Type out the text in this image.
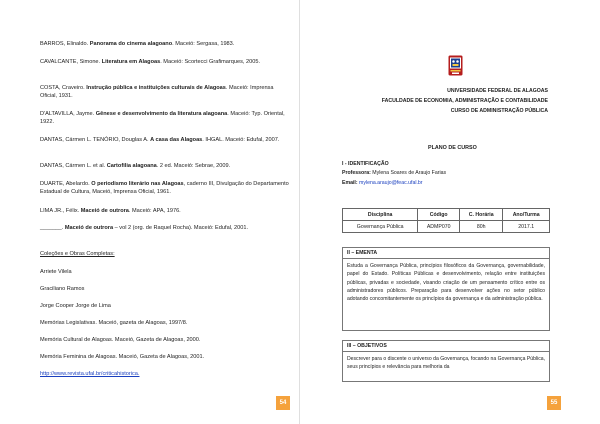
BARROS, Elinaldo. Panorama do cinema alagoano. Maceió: Sergasa, 1983.
CAVALCANTE, Simone. Literatura em Alagoas. Maceió: Scortecci Grafimarques, 2005.
COSTA, Craveiro. Instrução pública e instituições culturais de Alagoas. Maceió: Imprensa Oficial, 1931.
D'ALTAVILLA, Jayme. Gênese e desenvolvimento da literatura alagoana. Maceió: Typ. Oriental, 1922.
DANTAS, Cármen L. TENÓRIO, Douglas A. A casa das Alagoas. IHGAL. Maceió: Edufal, 2007.
DANTAS, Cármen L. et al. Cartofilia alagoana. 2 ed. Maceió: Sebrae, 2009.
DUARTE, Abelardo. O periodismo literário nas Alagoas, caderno III, Divulgação do Departamento Estadual de Cultura, Maceió, Imprensa Oficial, 1961.
LIMA JR., Félix. Maceió de outrora. Maceió: APA, 1976.
_______. Maceió de outrora – vol 2 (org. de Raquel Rocha). Maceió: Edufal, 2001.
Coleções e Obras Completas:
Arriete Vilela
Graciliano Ramos
Jorge Cooper Jorge de Lima
Memórias Legislativas. Maceió, gazeta de Alagoas, 1997/8.
Memória Cultural de Alagoas. Maceió, Gazeta de Alagoas, 2000.
Memória Feminina de Alagoas. Maceió, Gazeta de Alagoas, 2001.
http://www.revista.ufal.br/criticahistorica.
54
UNIVERSIDADE FEDERAL DE ALAGOAS
FACULDADE DE ECONOMIA, ADMINISTRAÇÃO E CONTABILIDADE
CURSO DE ADMINISTRAÇÃO PÚBLICA
PLANO DE CURSO
I - IDENTIFICAÇÃO
Professora: Mylena Soares de Araujo Farias
Email: mylena.araujo@feac.ufal.br
Disciplina	Código	C. Horária	Ano/Turma
Governança Pública	ADMP070	80h	2017.1
II – EMENTA
Estuda a Governança Pública, princípios filosóficos da Governança, governabilidade, papel do Estado. Políticas Públicas e desenvolvimento, relação entre instituições públicas, privadas e sociedade, visando criação de um pensamento crítico entre os administradores públicos. Preparação para desenvolver ações no setor público adotando concomitantemente os princípios da governança e da administração pública.
III – OBJETIVOS
Descrever para o discente o universo da Governança, focando na Governança Pública, seus princípios e relevância para melhoria da
55
